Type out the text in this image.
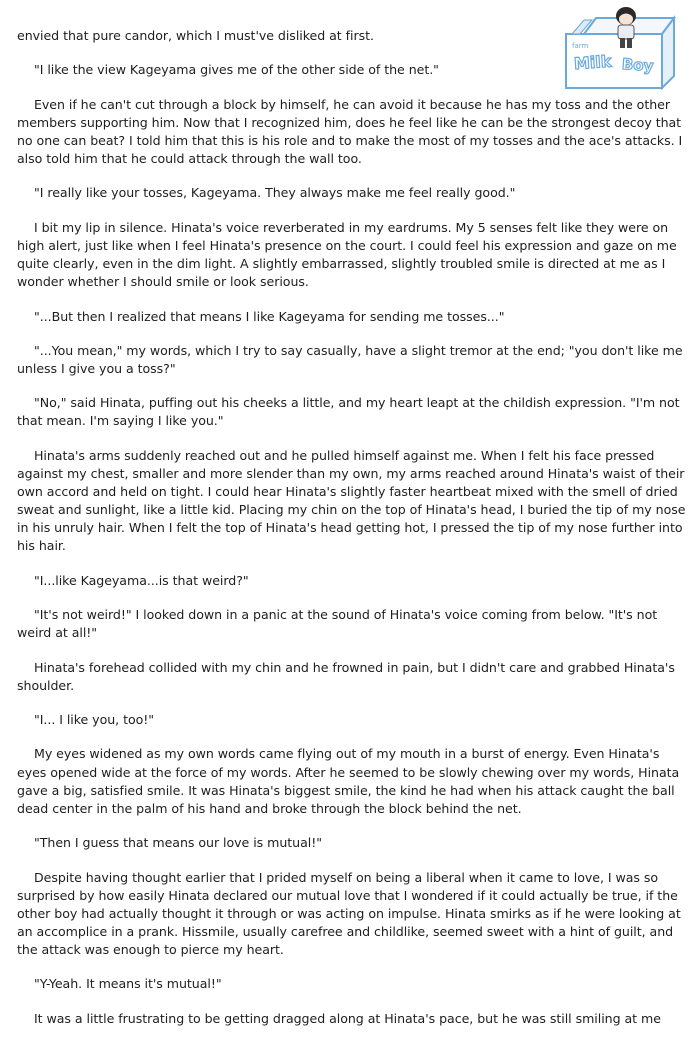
farm
Milk Boy

envied that pure candor, which I must've disliked at first.

"I like the view Kageyama gives me of the other side of the net."

Even if he can't cut through a block by himself, he can avoid it because he has my toss and the other members supporting him. Now that I recognized him, does he feel like he can be the strongest decoy that no one can beat? I told him that this is his role and to make the most of my tosses and the ace's attacks. I also told him that he could attack through the wall too.

"I really like your tosses, Kageyama. They always make me feel really good."

I bit my lip in silence. Hinata's voice reverberated in my eardrums. My 5 senses felt like they were on high alert, just like when I feel Hinata's presence on the court. I could feel his expression and gaze on me quite clearly, even in the dim light. A slightly embarrassed, slightly troubled smile is directed at me as I wonder whether I should smile or look serious.

"...But then I realized that means I like Kageyama for sending me tosses..."

"...You mean," my words, which I try to say casually, have a slight tremor at the end; "you don't like me unless I give you a toss?"

"No," said Hinata, puffing out his cheeks a little, and my heart leapt at the childish expression. "I'm not that mean. I'm saying I like you."

Hinata's arms suddenly reached out and he pulled himself against me. When I felt his face pressed against my chest, smaller and more slender than my own, my arms reached around Hinata's waist of their own accord and held on tight. I could hear Hinata's slightly faster heartbeat mixed with the smell of dried sweat and sunlight, like a little kid. Placing my chin on the top of Hinata's head, I buried the tip of my nose in his unruly hair. When I felt the top of Hinata's head getting hot, I pressed the tip of my nose further into his hair.

"I...like Kageyama...is that weird?"

"It's not weird!" I looked down in a panic at the sound of Hinata's voice coming from below. "It's not weird at all!"

Hinata's forehead collided with my chin and he frowned in pain, but I didn't care and grabbed Hinata's shoulder.

"I... I like you, too!"

My eyes widened as my own words came flying out of my mouth in a burst of energy. Even Hinata's eyes opened wide at the force of my words. After he seemed to be slowly chewing over my words, Hinata gave a big, satisfied smile. It was Hinata's biggest smile, the kind he had when his attack caught the ball dead center in the palm of his hand and broke through the block behind the net.

"Then I guess that means our love is mutual!"

Despite having thought earlier that I prided myself on being a liberal when it came to love, I was so surprised by how easily Hinata declared our mutual love that I wondered if it could actually be true, if the other boy had actually thought it through or was acting on impulse. Hinata smirks as if he were looking at an accomplice in a prank. Hissmile, usually carefree and childlike, seemed sweet with a hint of guilt, and the attack was enough to pierce my heart.

"Y-Yeah. It means it's mutual!"

It was a little frustrating to be getting dragged along at Hinata's pace, but he was still smiling at me
